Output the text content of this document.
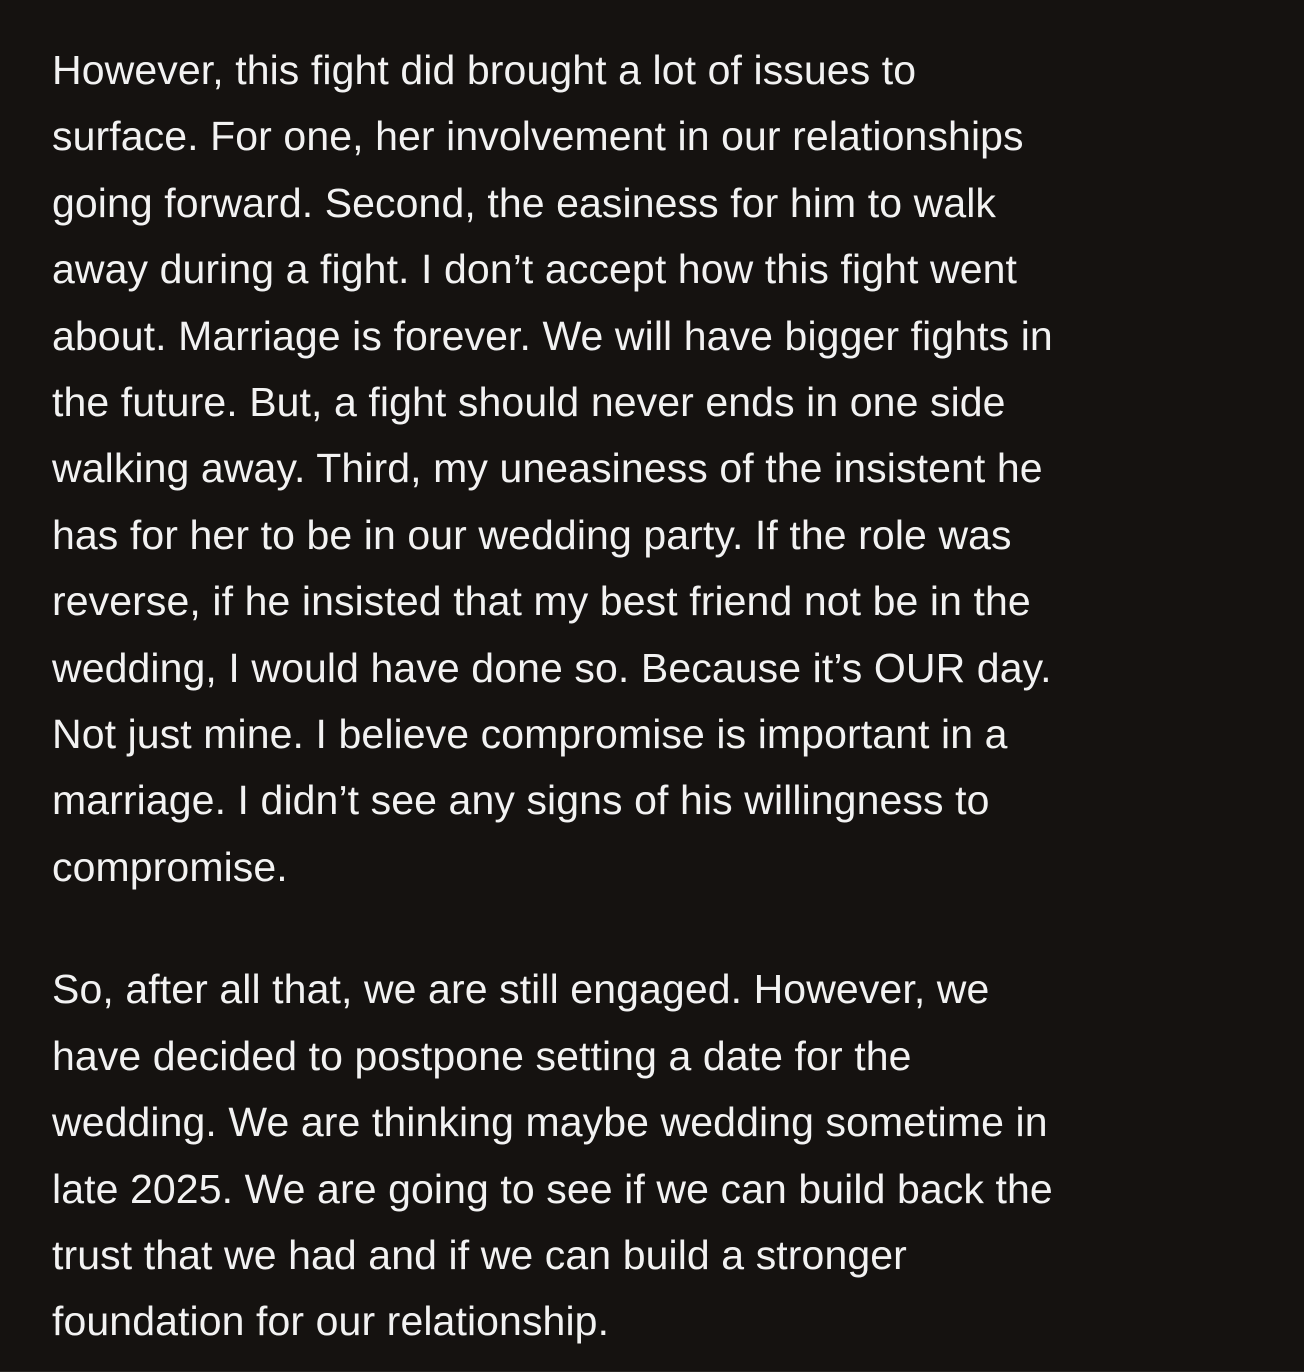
However, this fight did brought a lot of issues to
surface. For one, her involvement in our relationships
going forward. Second, the easiness for him to walk
away during a fight. I don’t accept how this fight went
about. Marriage is forever. We will have bigger fights in
the future. But, a fight should never ends in one side
walking away. Third, my uneasiness of the insistent he
has for her to be in our wedding party. If the role was
reverse, if he insisted that my best friend not be in the
wedding, I would have done so. Because it’s OUR day.
Not just mine. I believe compromise is important in a
marriage. I didn’t see any signs of his willingness to
compromise.

So, after all that, we are still engaged. However, we
have decided to postpone setting a date for the
wedding. We are thinking maybe wedding sometime in
late 2025. We are going to see if we can build back the
trust that we had and if we can build a stronger
foundation for our relationship.
